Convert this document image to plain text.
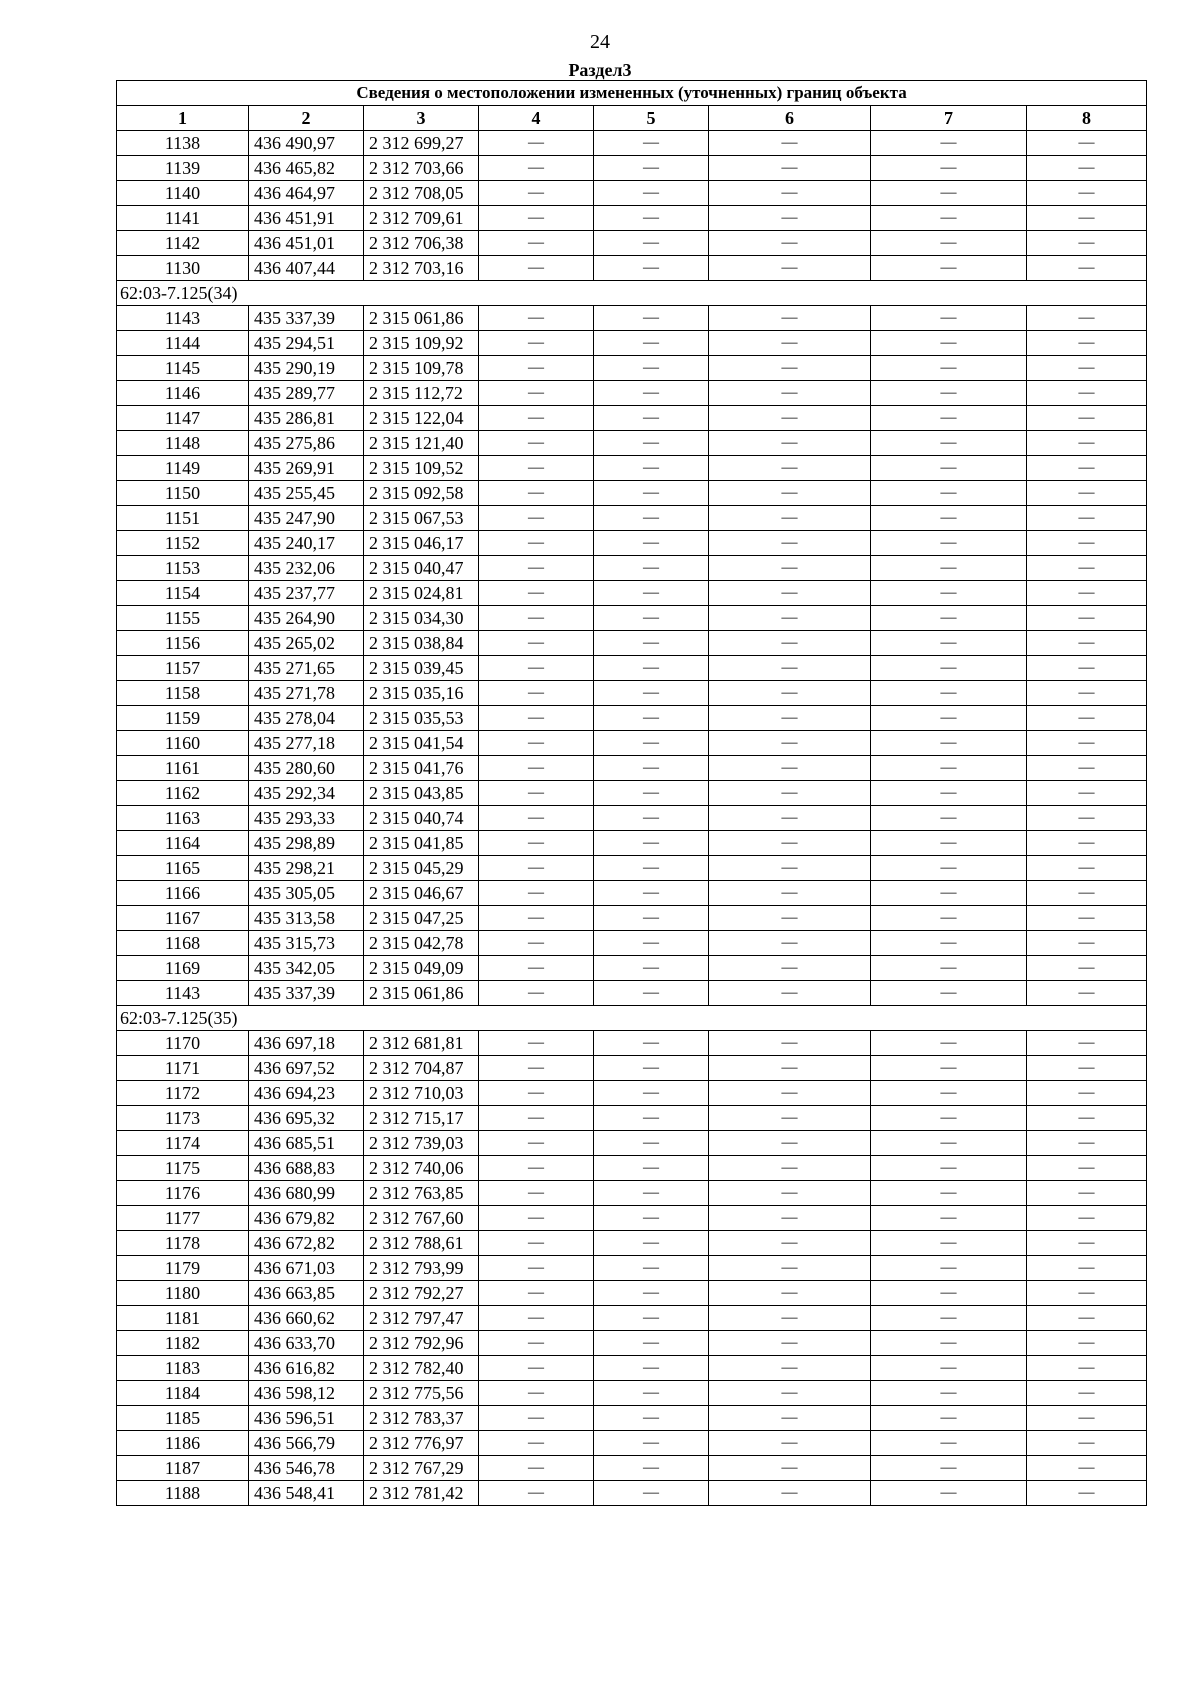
24
Раздел3
Сведения о местоположении измененных (уточненных) границ объекта							
1	2	3	4	5	6	7	8
1138	436 490,97	2 312 699,27	—	—	—	—	—
1139	436 465,82	2 312 703,66	—	—	—	—	—
1140	436 464,97	2 312 708,05	—	—	—	—	—
1141	436 451,91	2 312 709,61	—	—	—	—	—
1142	436 451,01	2 312 706,38	—	—	—	—	—
1130	436 407,44	2 312 703,16	—	—	—	—	—
62:03-7.125(34)							
1143	435 337,39	2 315 061,86	—	—	—	—	—
1144	435 294,51	2 315 109,92	—	—	—	—	—
1145	435 290,19	2 315 109,78	—	—	—	—	—
1146	435 289,77	2 315 112,72	—	—	—	—	—
1147	435 286,81	2 315 122,04	—	—	—	—	—
1148	435 275,86	2 315 121,40	—	—	—	—	—
1149	435 269,91	2 315 109,52	—	—	—	—	—
1150	435 255,45	2 315 092,58	—	—	—	—	—
1151	435 247,90	2 315 067,53	—	—	—	—	—
1152	435 240,17	2 315 046,17	—	—	—	—	—
1153	435 232,06	2 315 040,47	—	—	—	—	—
1154	435 237,77	2 315 024,81	—	—	—	—	—
1155	435 264,90	2 315 034,30	—	—	—	—	—
1156	435 265,02	2 315 038,84	—	—	—	—	—
1157	435 271,65	2 315 039,45	—	—	—	—	—
1158	435 271,78	2 315 035,16	—	—	—	—	—
1159	435 278,04	2 315 035,53	—	—	—	—	—
1160	435 277,18	2 315 041,54	—	—	—	—	—
1161	435 280,60	2 315 041,76	—	—	—	—	—
1162	435 292,34	2 315 043,85	—	—	—	—	—
1163	435 293,33	2 315 040,74	—	—	—	—	—
1164	435 298,89	2 315 041,85	—	—	—	—	—
1165	435 298,21	2 315 045,29	—	—	—	—	—
1166	435 305,05	2 315 046,67	—	—	—	—	—
1167	435 313,58	2 315 047,25	—	—	—	—	—
1168	435 315,73	2 315 042,78	—	—	—	—	—
1169	435 342,05	2 315 049,09	—	—	—	—	—
1143	435 337,39	2 315 061,86	—	—	—	—	—
62:03-7.125(35)							
1170	436 697,18	2 312 681,81	—	—	—	—	—
1171	436 697,52	2 312 704,87	—	—	—	—	—
1172	436 694,23	2 312 710,03	—	—	—	—	—
1173	436 695,32	2 312 715,17	—	—	—	—	—
1174	436 685,51	2 312 739,03	—	—	—	—	—
1175	436 688,83	2 312 740,06	—	—	—	—	—
1176	436 680,99	2 312 763,85	—	—	—	—	—
1177	436 679,82	2 312 767,60	—	—	—	—	—
1178	436 672,82	2 312 788,61	—	—	—	—	—
1179	436 671,03	2 312 793,99	—	—	—	—	—
1180	436 663,85	2 312 792,27	—	—	—	—	—
1181	436 660,62	2 312 797,47	—	—	—	—	—
1182	436 633,70	2 312 792,96	—	—	—	—	—
1183	436 616,82	2 312 782,40	—	—	—	—	—
1184	436 598,12	2 312 775,56	—	—	—	—	—
1185	436 596,51	2 312 783,37	—	—	—	—	—
1186	436 566,79	2 312 776,97	—	—	—	—	—
1187	436 546,78	2 312 767,29	—	—	—	—	—
1188	436 548,41	2 312 781,42	—	—	—	—	—
